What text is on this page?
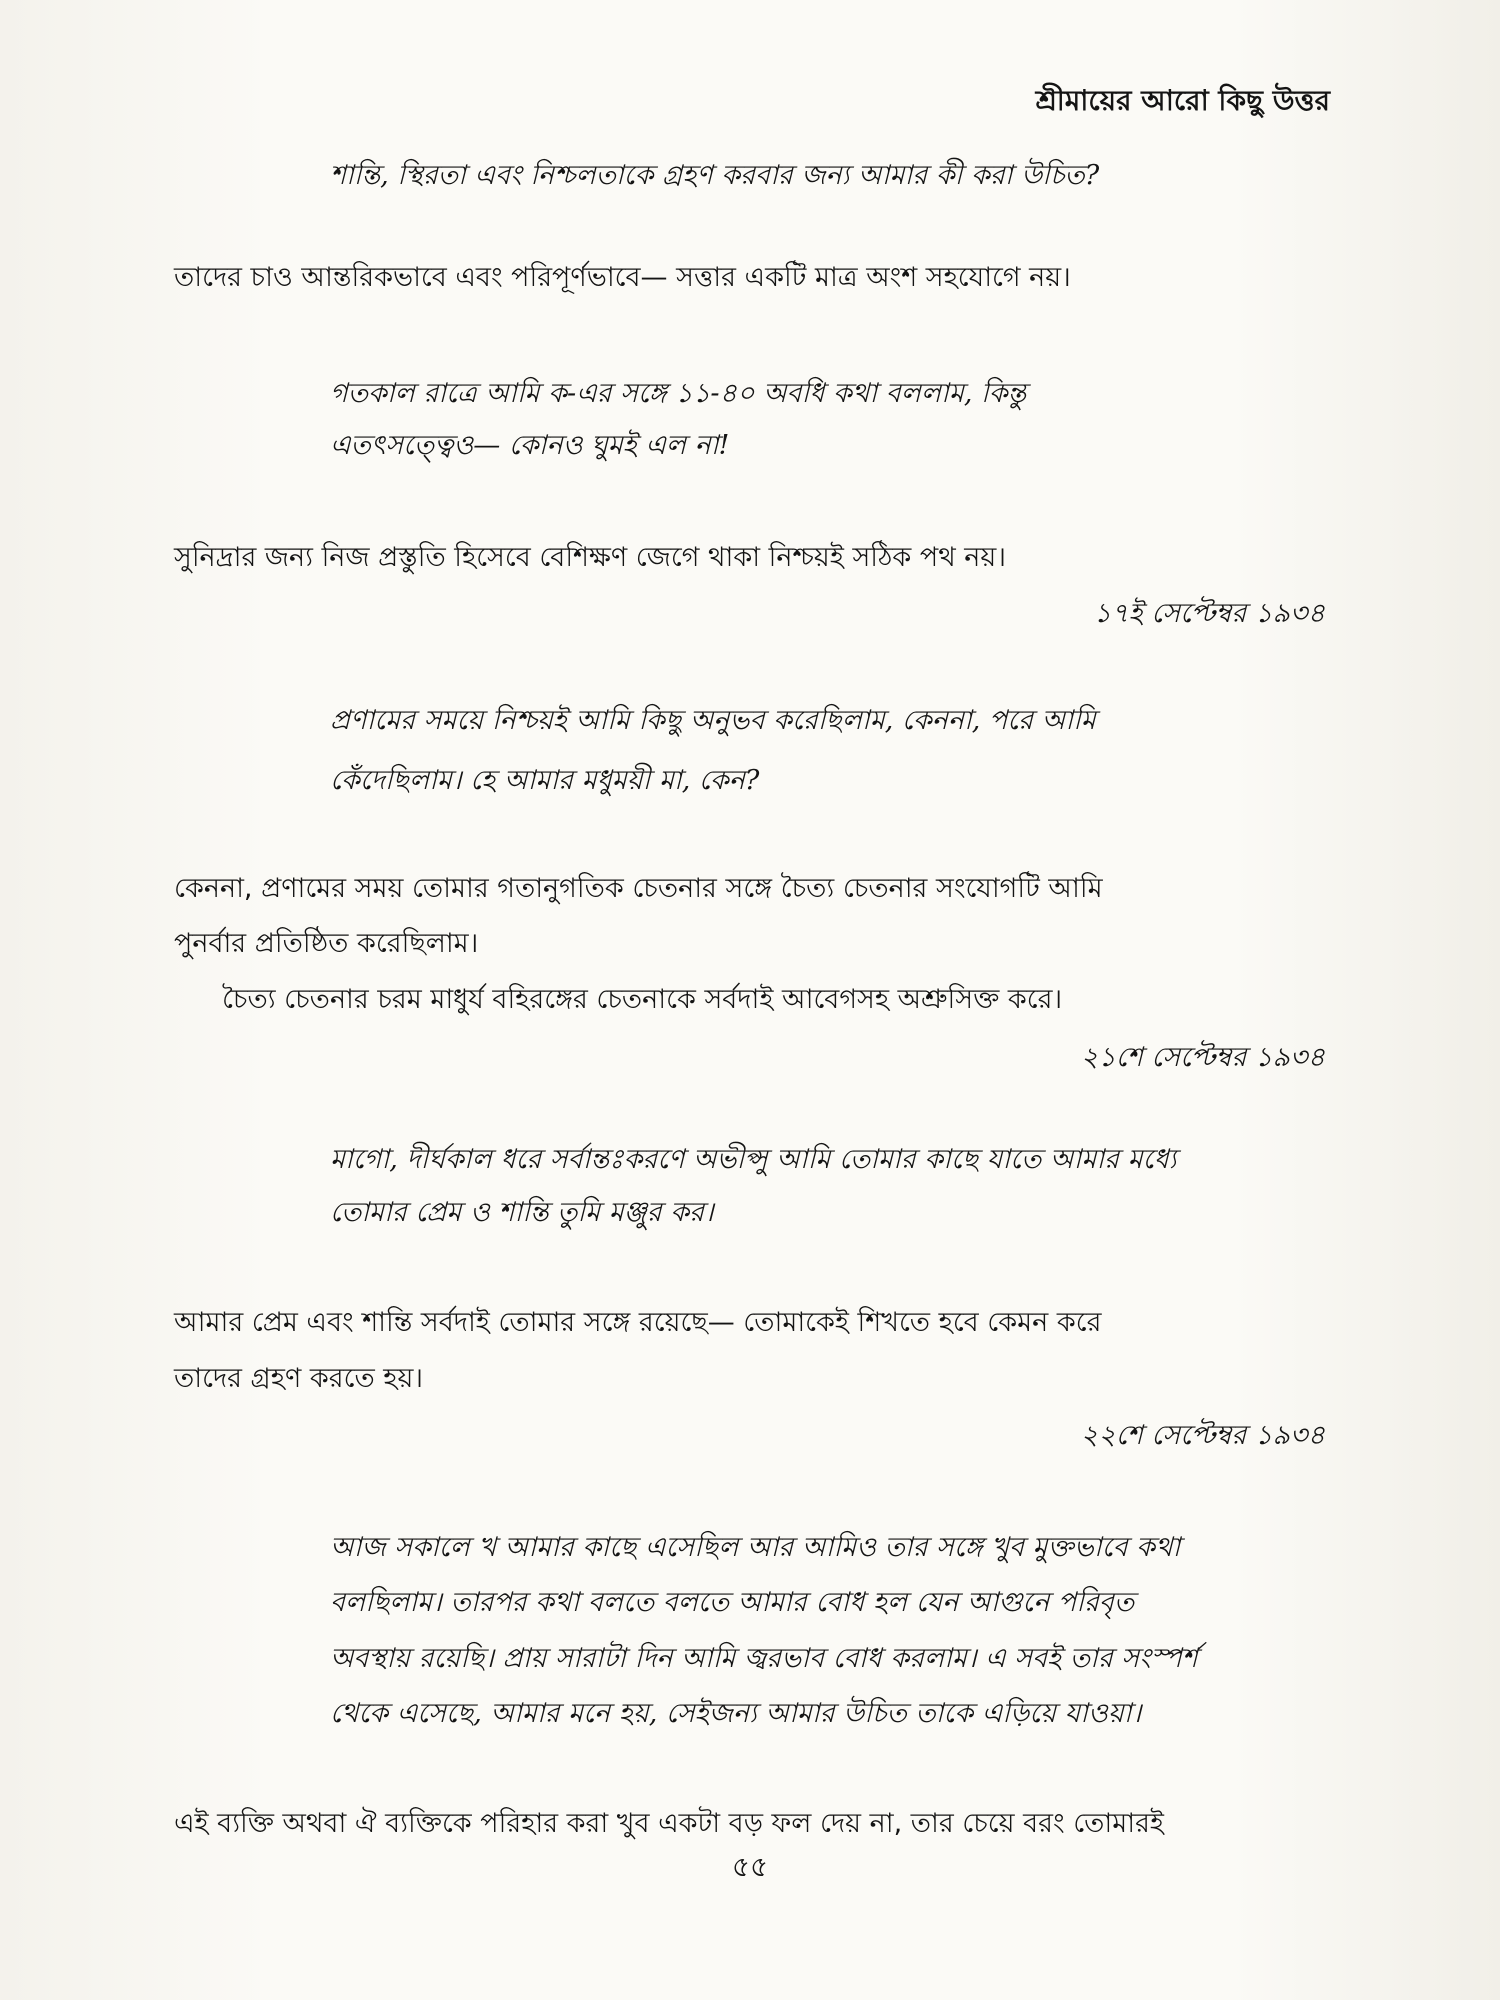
শ্রীমায়ের আরো কিছু উত্তর
শান্তি, স্থিরতা এবং নিশ্চলতাকে গ্রহণ করবার জন্য আমার কী করা উচিত?
তাদের চাও আন্তরিকভাবে এবং পরিপূর্ণভাবে— সত্তার একটি মাত্র অংশ সহযোগে নয়।
গতকাল রাত্রে আমি ক-এর সঙ্গে ১১-৪০ অবধি কথা বললাম, কিন্তু
এতৎসত্ত্বেও— কোনও ঘুমই এল না!
সুনিদ্রার জন্য নিজ প্রস্তুতি হিসেবে বেশিক্ষণ জেগে থাকা নিশ্চয়ই সঠিক পথ নয়।
১৭ই সেপ্টেম্বর ১৯৩৪
প্রণামের সময়ে নিশ্চয়ই আমি কিছু অনুভব করেছিলাম, কেননা, পরে আমি
কেঁদেছিলাম। হে আমার মধুময়ী মা, কেন?
কেননা, প্রণামের সময় তোমার গতানুগতিক চেতনার সঙ্গে চৈত্য চেতনার সংযোগটি আমি
পুনর্বার প্রতিষ্ঠিত করেছিলাম।
চৈত্য চেতনার চরম মাধুর্য বহিরঙ্গের চেতনাকে সর্বদাই আবেগসহ অশ্রুসিক্ত করে।
২১শে সেপ্টেম্বর ১৯৩৪
মাগো, দীর্ঘকাল ধরে সর্বান্তঃকরণে অভীপ্সু আমি তোমার কাছে যাতে আমার মধ্যে
তোমার প্রেম ও শান্তি তুমি মঞ্জুর কর।
আমার প্রেম এবং শান্তি সর্বদাই তোমার সঙ্গে রয়েছে— তোমাকেই শিখতে হবে কেমন করে
তাদের গ্রহণ করতে হয়।
২২শে সেপ্টেম্বর ১৯৩৪
আজ সকালে খ আমার কাছে এসেছিল আর আমিও তার সঙ্গে খুব মুক্তভাবে কথা
বলছিলাম। তারপর কথা বলতে বলতে আমার বোধ হল যেন আগুনে পরিবৃত
অবস্থায় রয়েছি। প্রায় সারাটা দিন আমি জ্বরভাব বোধ করলাম। এ সবই তার সংস্পর্শ
থেকে এসেছে, আমার মনে হয়, সেইজন্য আমার উচিত তাকে এড়িয়ে যাওয়া।
এই ব্যক্তি অথবা ঐ ব্যক্তিকে পরিহার করা খুব একটা বড় ফল দেয় না, তার চেয়ে বরং তোমারই
৫৫
